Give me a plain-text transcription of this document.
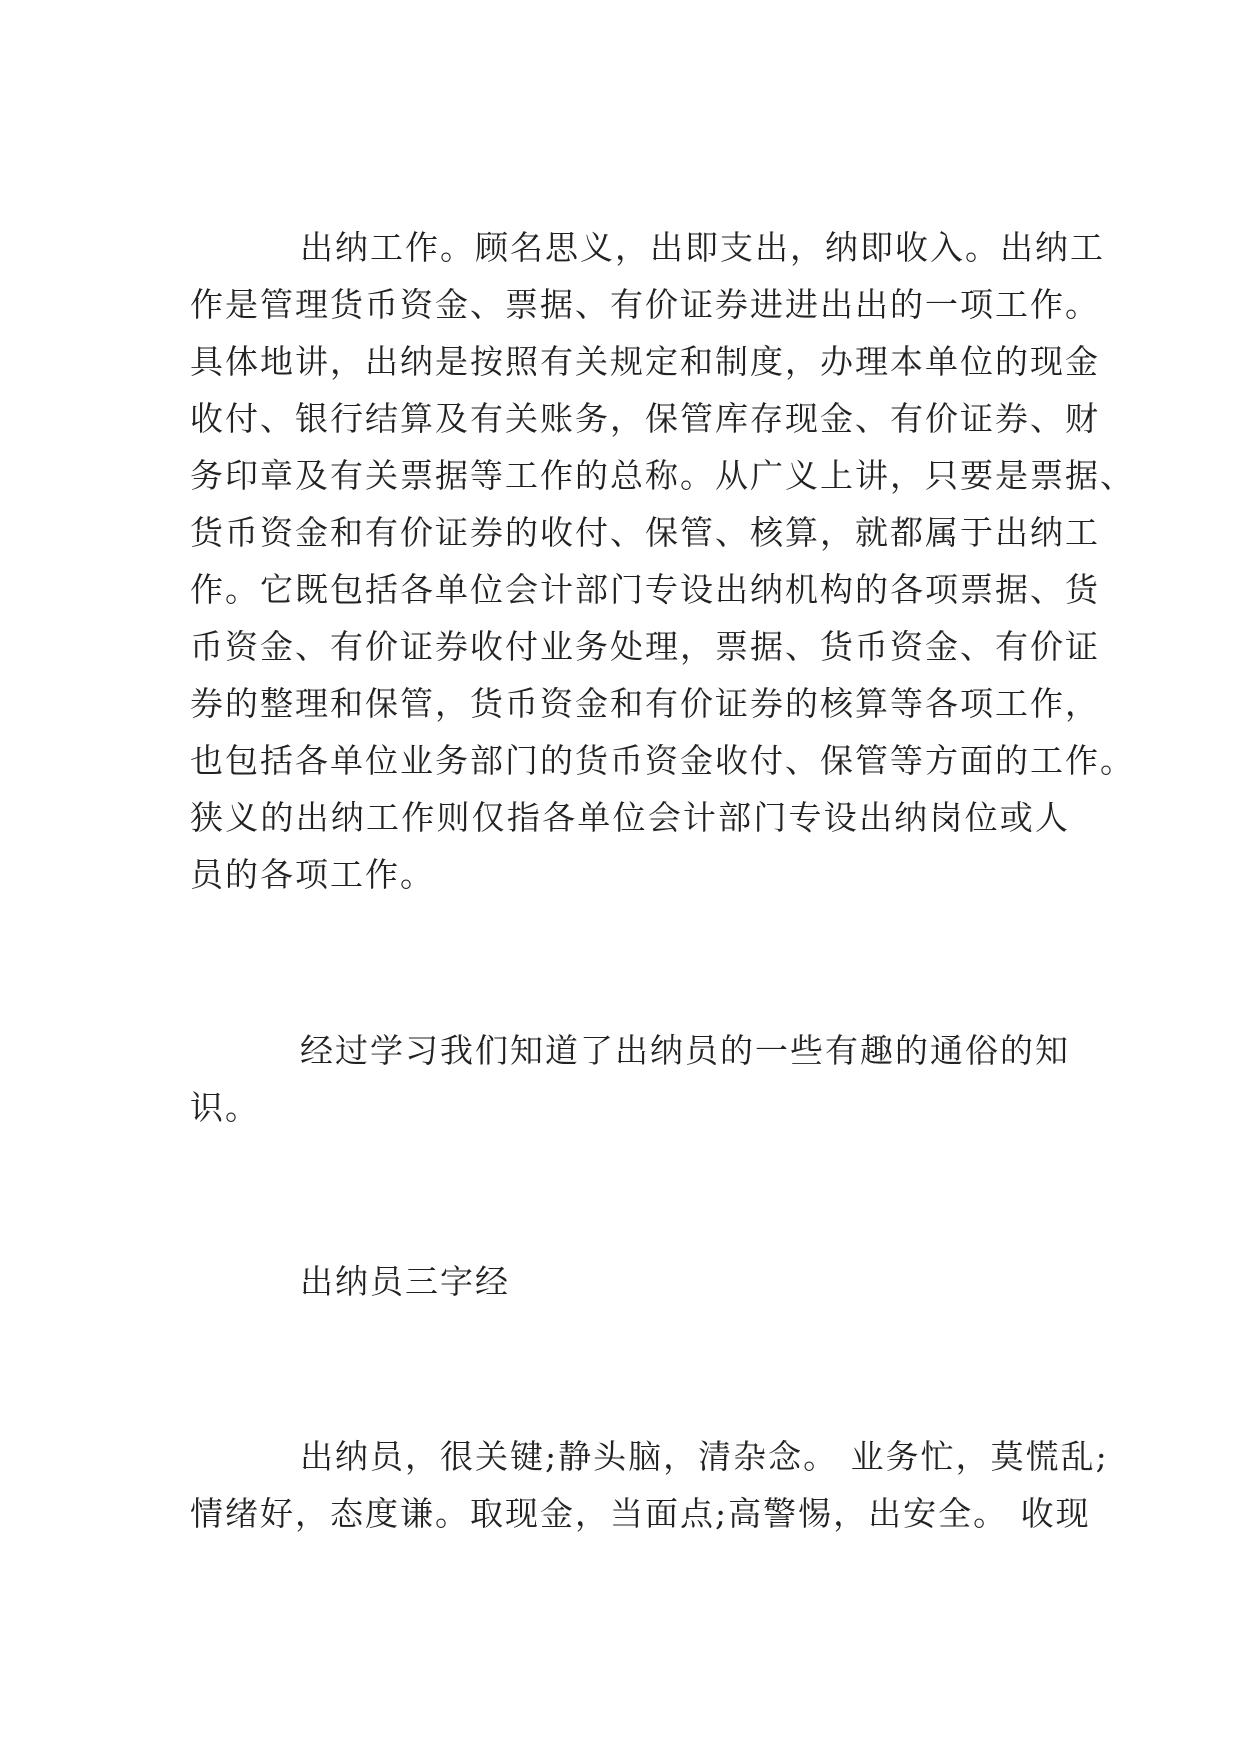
出纳工作。顾名思义，出即支出，纳即收入。出纳工
作是管理货币资金、票据、有价证券进进出出的一项工作。
具体地讲，出纳是按照有关规定和制度，办理本单位的现金
收付、银行结算及有关账务，保管库存现金、有价证券、财
务印章及有关票据等工作的总称。从广义上讲，只要是票据、
货币资金和有价证券的收付、保管、核算，就都属于出纳工
作。它既包括各单位会计部门专设出纳机构的各项票据、货
币资金、有价证券收付业务处理，票据、货币资金、有价证
券的整理和保管，货币资金和有价证券的核算等各项工作，
也包括各单位业务部门的货币资金收付、保管等方面的工作。
狭义的出纳工作则仅指各单位会计部门专设出纳岗位或人
员的各项工作。
经过学习我们知道了出纳员的一些有趣的通俗的知
识。
出纳员三字经
出纳员，很关键;静头脑，清杂念。 业务忙，莫慌乱;
情绪好，态度谦。取现金，当面点;高警惕，出安全。 收现
